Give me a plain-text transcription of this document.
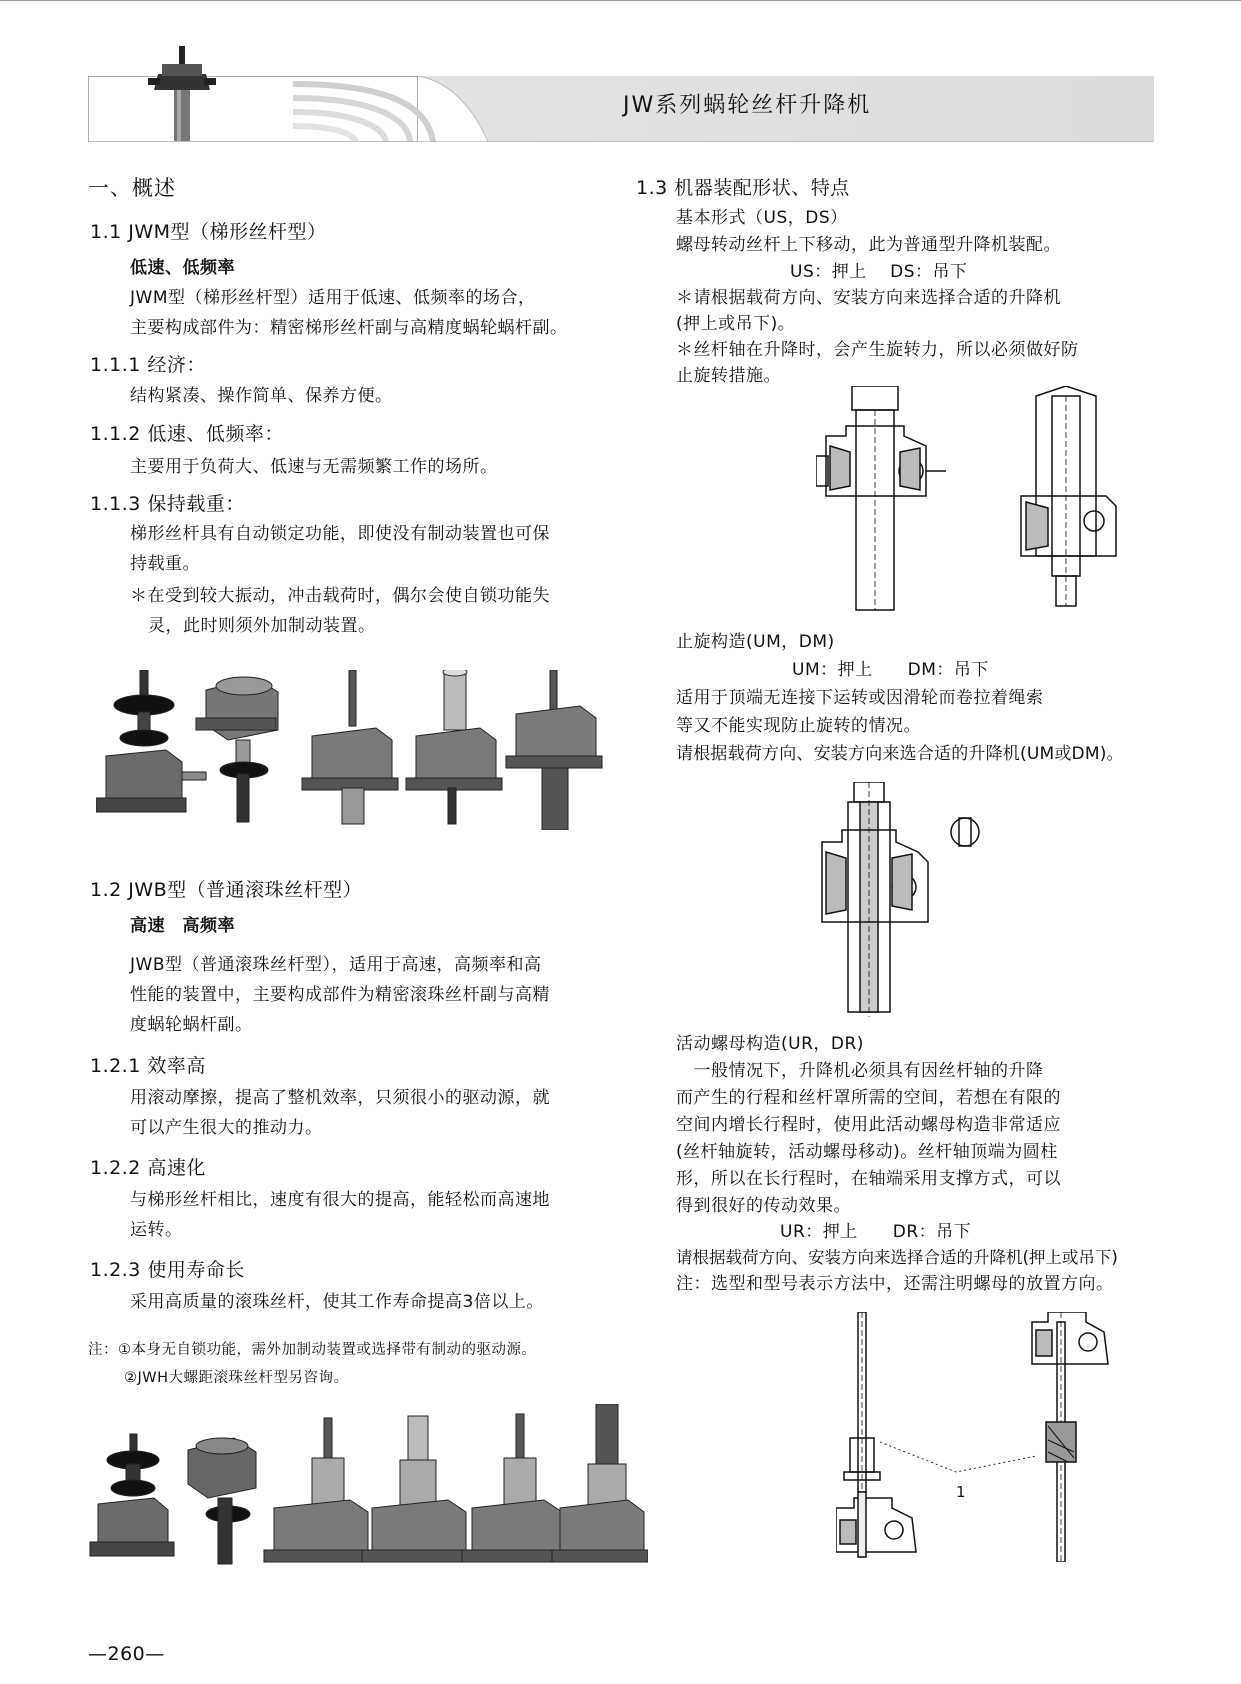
JW系列蜗轮丝杆升降机
一、概述
1.1 JWM型（梯形丝杆型）
低速、低频率
JWM型（梯形丝杆型）适用于低速、低频率的场合，
主要构成部件为：精密梯形丝杆副与高精度蜗轮蜗杆副。
1.1.1 经济：
结构紧凑、操作简单、保养方便。
1.1.2 低速、低频率：
主要用于负荷大、低速与无需频繁工作的场所。
1.1.3 保持载重：
梯形丝杆具有自动锁定功能，即使没有制动装置也可保
持载重。
＊在受到较大振动，冲击载荷时，偶尔会使自锁功能失
灵，此时则须外加制动装置。
1.2 JWB型（普通滚珠丝杆型）
高速　高频率
JWB型（普通滚珠丝杆型），适用于高速，高频率和高
性能的装置中，主要构成部件为精密滚珠丝杆副与高精
度蜗轮蜗杆副。
1.2.1 效率高
用滚动摩擦，提高了整机效率，只须很小的驱动源，就
可以产生很大的推动力。
1.2.2 高速化
与梯形丝杆相比，速度有很大的提高，能轻松而高速地
运转。
1.2.3 使用寿命长
采用高质量的滚珠丝杆，使其工作寿命提高3倍以上。
注：①本身无自锁功能，需外加制动装置或选择带有制动的驱动源。
②JWH大螺距滚珠丝杆型另咨询。
—260—
1.3 机器装配形状、特点
基本形式（US，DS）
螺母转动丝杆上下移动，此为普通型升降机装配。
US：押上　 DS：吊下
＊请根据载荷方向、安装方向来选择合适的升降机
(押上或吊下)。
＊丝杆轴在升降时，会产生旋转力，所以必须做好防
止旋转措施。
止旋构造(UM，DM)
UM：押上　　DM：吊下
适用于顶端无连接下运转或因滑轮而卷拉着绳索
等又不能实现防止旋转的情况。
请根据载荷方向、安装方向来选合适的升降机(UM或DM)。
活动螺母构造(UR，DR)
　一般情况下，升降机必须具有因丝杆轴的升降
而产生的行程和丝杆罩所需的空间，若想在有限的
空间内增长行程时，使用此活动螺母构造非常适应
(丝杆轴旋转，活动螺母移动)。丝杆轴顶端为圆柱
形，所以在长行程时，在轴端采用支撑方式，可以
得到很好的传动效果。
UR：押上　　DR：吊下
请根据载荷方向、安装方向来选择合适的升降机(押上或吊下)
注：选型和型号表示方法中，还需注明螺母的放置方向。
1
